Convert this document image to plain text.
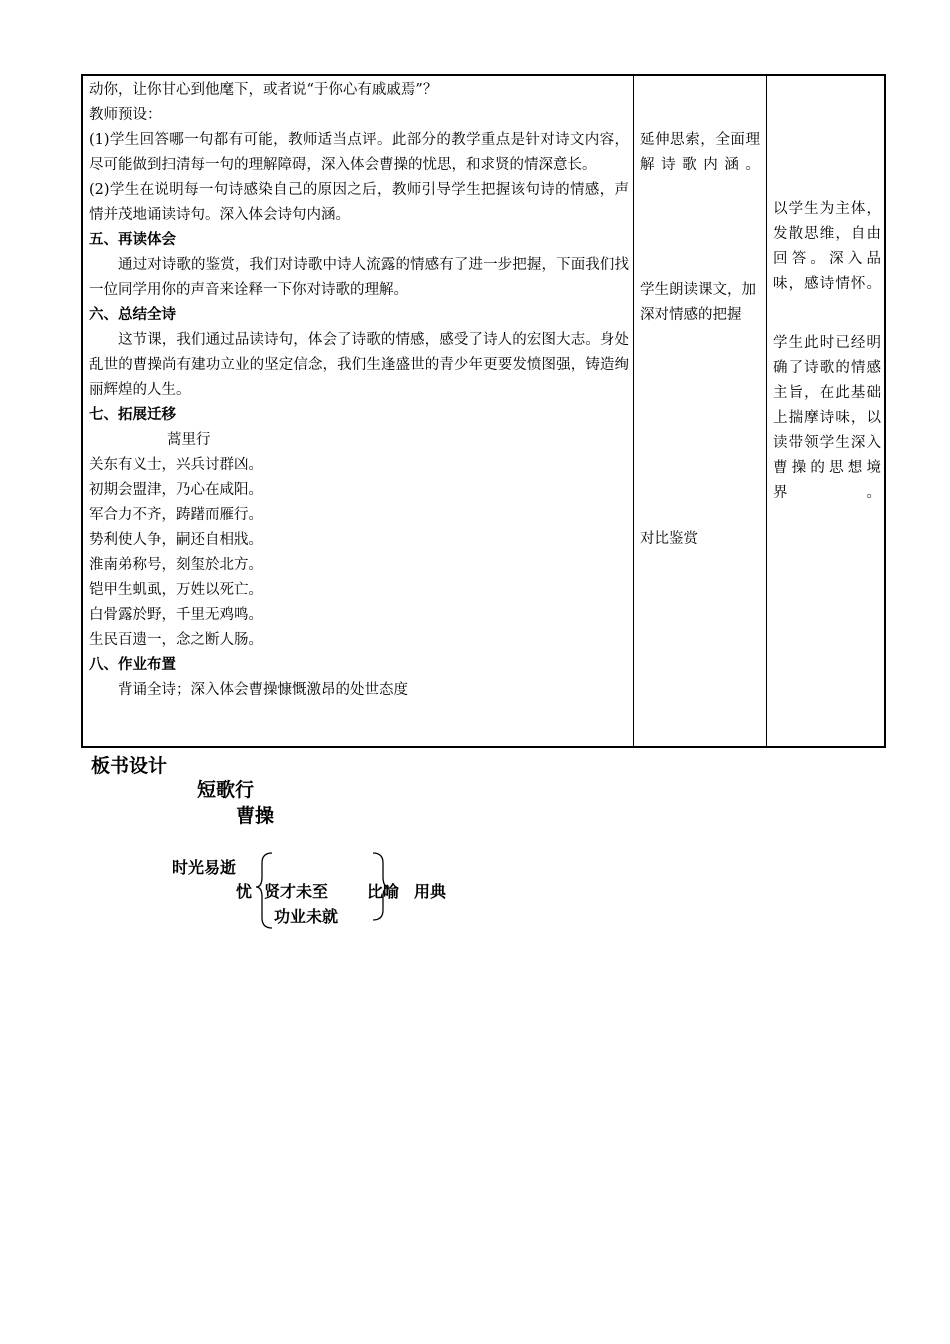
动你，让你甘心到他麾下，或者说“于你心有戚戚焉”？
教师预设：
(1)学生回答哪一句都有可能，教师适当点评。此部分的教学重点是针对诗文内容，尽可能做到扫清每一句的理解障碍，深入体会曹操的忧思，和求贤的情深意长。
(2)学生在说明每一句诗感染自己的原因之后，教师引导学生把握该句诗的情感，声情并茂地诵读诗句。深入体会诗句内涵。
五、再读体会
通过对诗歌的鉴赏，我们对诗歌中诗人流露的情感有了进一步把握，下面我们找一位同学用你的声音来诠释一下你对诗歌的理解。
六、总结全诗
这节课，我们通过品读诗句，体会了诗歌的情感，感受了诗人的宏图大志。身处乱世的曹操尚有建功立业的坚定信念，我们生逢盛世的青少年更要发愤图强，铸造绚丽辉煌的人生。
七、拓展迁移
蒿里行
关东有义士，兴兵讨群凶。
初期会盟津，乃心在咸阳。
军合力不齐，踌躇而雁行。
势利使人争，嗣还自相戕。
淮南弟称号，刻玺於北方。
铠甲生虮虱，万姓以死亡。
白骨露於野，千里无鸡鸣。
生民百遗一，念之断人肠。
八、作业布置
背诵全诗；深入体会曹操慷慨激昂的处世态度
延伸思索，全面理解诗歌内涵。
学生朗读课文，加深对情感的把握
对比鉴赏
以学生为主体，发散思维，自由回答。深入品味，感诗情怀。
学生此时已经明确了诗歌的情感主旨，在此基础上揣摩诗味，以读带领学生深入曹操的思想境界。
板书设计
短歌行
曹操
时光易逝
忧 贤才未至 比喻 用典
功业未就
